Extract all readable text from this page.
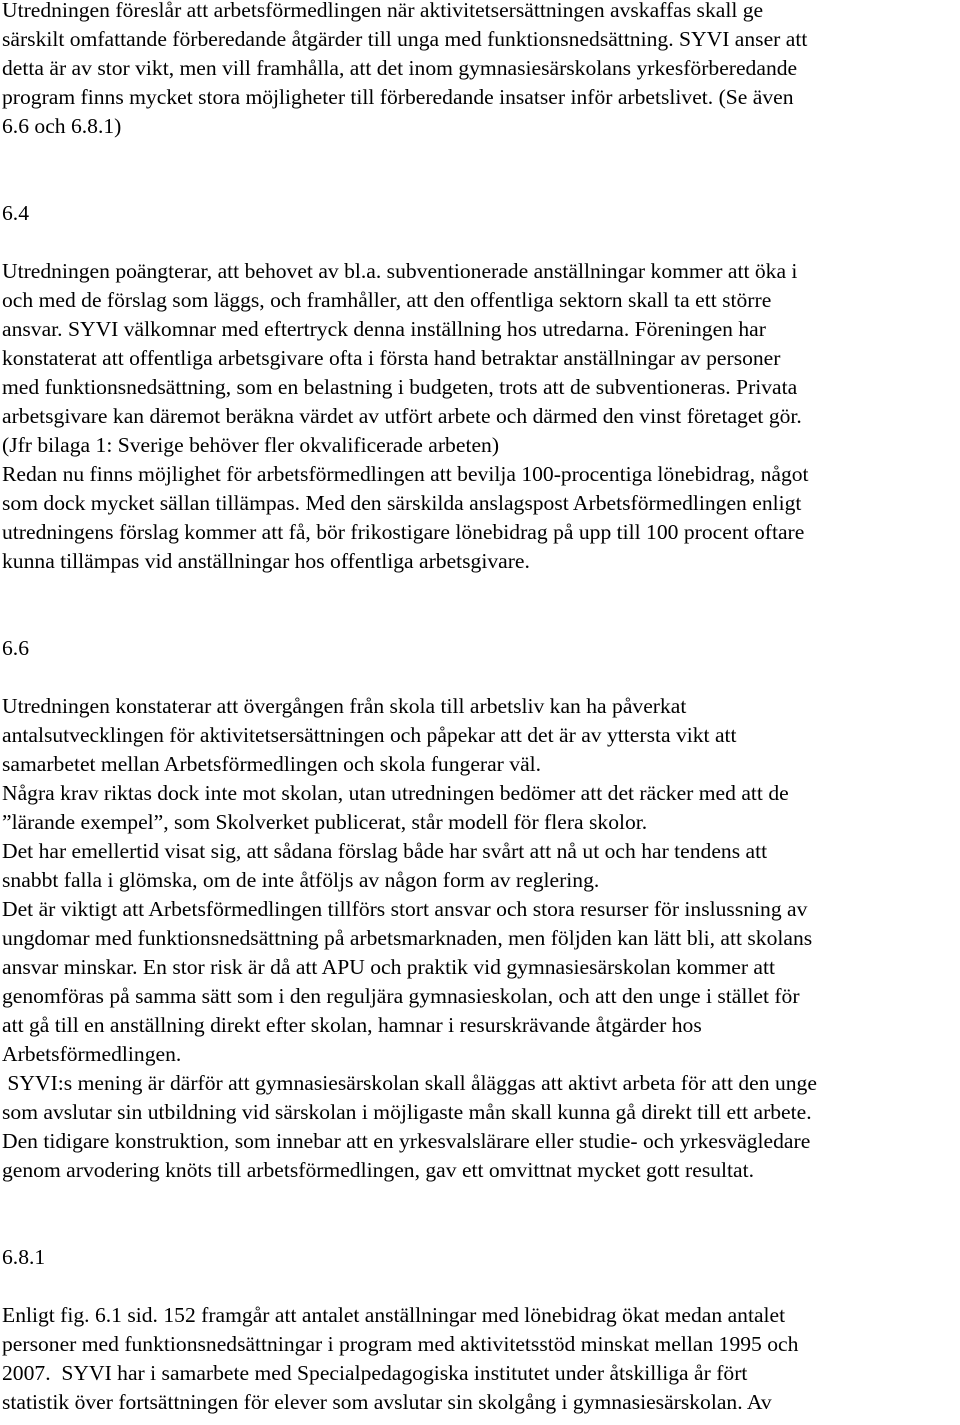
Utredningen föreslår att arbetsförmedlingen när aktivitetsersättningen avskaffas skall ge

särskilt omfattande förberedande åtgärder till unga med funktionsnedsättning. SYVI anser att

detta är av stor vikt, men vill framhålla, att det inom gymnasiesärskolans yrkesförberedande

program finns mycket stora möjligheter till förberedande insatser inför arbetslivet. (Se även

6.6 och 6.8.1)

6.4

Utredningen poängterar, att behovet av bl.a. subventionerade anställningar kommer att öka i

och med de förslag som läggs, och framhåller, att den offentliga sektorn skall ta ett större

ansvar. SYVI välkomnar med eftertryck denna inställning hos utredarna. Föreningen har

konstaterat att offentliga arbetsgivare ofta i första hand betraktar anställningar av personer

med funktionsnedsättning, som en belastning i budgeten, trots att de subventioneras. Privata

arbetsgivare kan däremot beräkna värdet av utfört arbete och därmed den vinst företaget gör.

(Jfr bilaga 1: Sverige behöver fler okvalificerade arbeten)

Redan nu finns möjlighet för arbetsförmedlingen att bevilja 100-procentiga lönebidrag, något

som dock mycket sällan tillämpas. Med den särskilda anslagspost Arbetsförmedlingen enligt

utredningens förslag kommer att få, bör frikostigare lönebidrag på upp till 100 procent oftare

kunna tillämpas vid anställningar hos offentliga arbetsgivare.

6.6

Utredningen konstaterar att övergången från skola till arbetsliv kan ha påverkat

antalsutvecklingen för aktivitetsersättningen och påpekar att det är av yttersta vikt att

samarbetet mellan Arbetsförmedlingen och skola fungerar väl.

Några krav riktas dock inte mot skolan, utan utredningen bedömer att det räcker med att de

”lärande exempel”, som Skolverket publicerat, står modell för flera skolor.

Det har emellertid visat sig, att sådana förslag både har svårt att nå ut och har tendens att

snabbt falla i glömska, om de inte åtföljs av någon form av reglering.

Det är viktigt att Arbetsförmedlingen tillförs stort ansvar och stora resurser för inslussning av

ungdomar med funktionsnedsättning på arbetsmarknaden, men följden kan lätt bli, att skolans

ansvar minskar. En stor risk är då att APU och praktik vid gymnasiesärskolan kommer att

genomföras på samma sätt som i den reguljära gymnasieskolan, och att den unge i stället för

att gå till en anställning direkt efter skolan, hamnar i resurskrävande åtgärder hos

Arbetsförmedlingen.

SYVI:s mening är därför att gymnasiesärskolan skall åläggas att aktivt arbeta för att den unge

som avslutar sin utbildning vid särskolan i möjligaste mån skall kunna gå direkt till ett arbete.

Den tidigare konstruktion, som innebar att en yrkesvalslärare eller studie- och yrkesvägledare

genom arvodering knöts till arbetsförmedlingen, gav ett omvittnat mycket gott resultat.

6.8.1

Enligt fig. 6.1 sid. 152 framgår att antalet anställningar med lönebidrag ökat medan antalet

personer med funktionsnedsättningar i program med aktivitetsstöd minskat mellan 1995 och

2007.  SYVI har i samarbete med Specialpedagogiska institutet under åtskilliga år fört

statistik över fortsättningen för elever som avslutar sin skolgång i gymnasiesärskolan. Av
